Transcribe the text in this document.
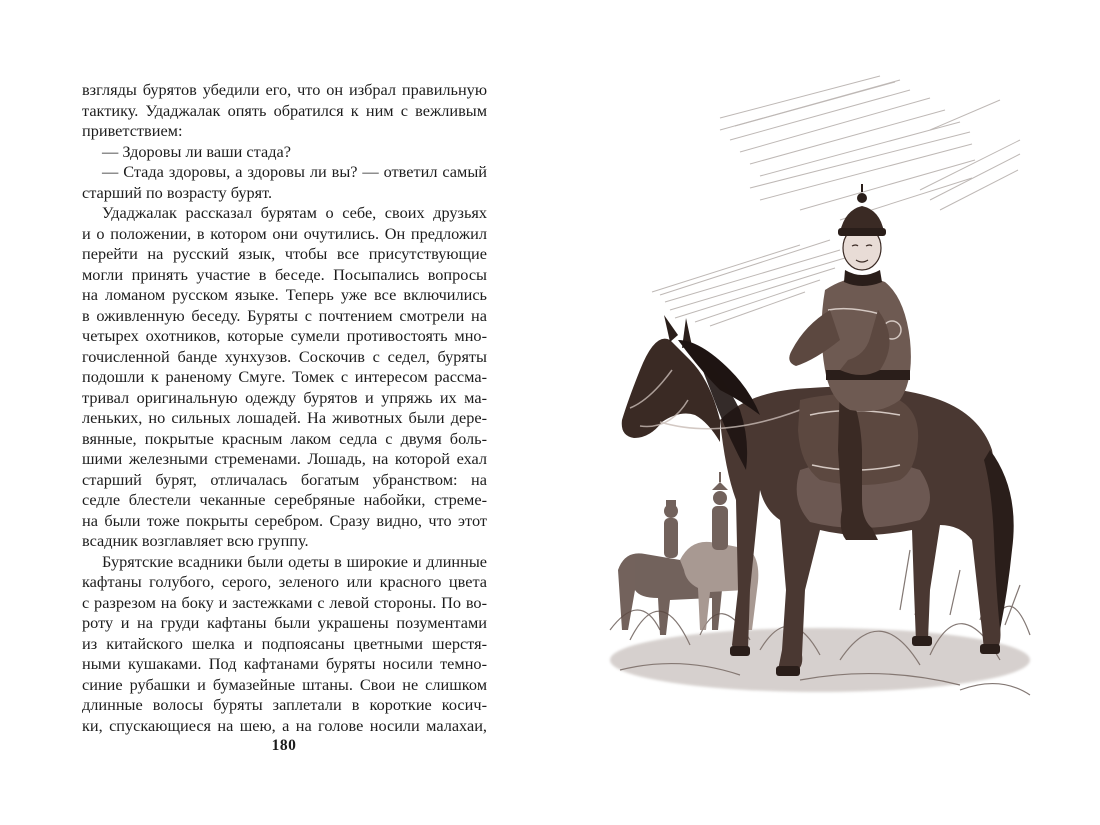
взгляды бурятов убедили его, что он избрал правильную
тактику. Удаджалак опять обратился к ним с вежливым
приветствием:
— Здоровы ли ваши стада?
— Стада здоровы, а здоровы ли вы? — ответил самый
старший по возрасту бурят.
Удаджалак рассказал бурятам о себе, своих друзьях
и о положении, в котором они очутились. Он предложил
перейти на русский язык, чтобы все присутствующие
могли принять участие в беседе. Посыпались вопросы
на ломаном русском языке. Теперь уже все включились
в оживленную беседу. Буряты с почтением смотрели на
четырех охотников, которые сумели противостоять мно-
гочисленной банде хунхузов. Соскочив с седел, буряты
подошли к раненому Смуге. Томек с интересом рассма-
тривал оригинальную одежду бурятов и упряжь их ма-
леньких, но сильных лошадей. На животных были дере-
вянные, покрытые красным лаком седла с двумя боль-
шими железными стременами. Лошадь, на которой ехал
старший бурят, отличалась богатым убранством: на
седле блестели чеканные серебряные набойки, стреме-
на были тоже покрыты серебром. Сразу видно, что этот
всадник возглавляет всю группу.
Бурятские всадники были одеты в широкие и длинные
кафтаны голубого, серого, зеленого или красного цвета
с разрезом на боку и застежками с левой стороны. По во-
роту и на груди кафтаны были украшены позументами
из китайского шелка и подпоясаны цветными шерстя-
ными кушаками. Под кафтанами буряты носили темно-
синие рубашки и бумазейные штаны. Свои не слишком
длинные волосы буряты заплетали в короткие косич-
ки, спускающиеся на шею, а на голове носили малахаи,
180
